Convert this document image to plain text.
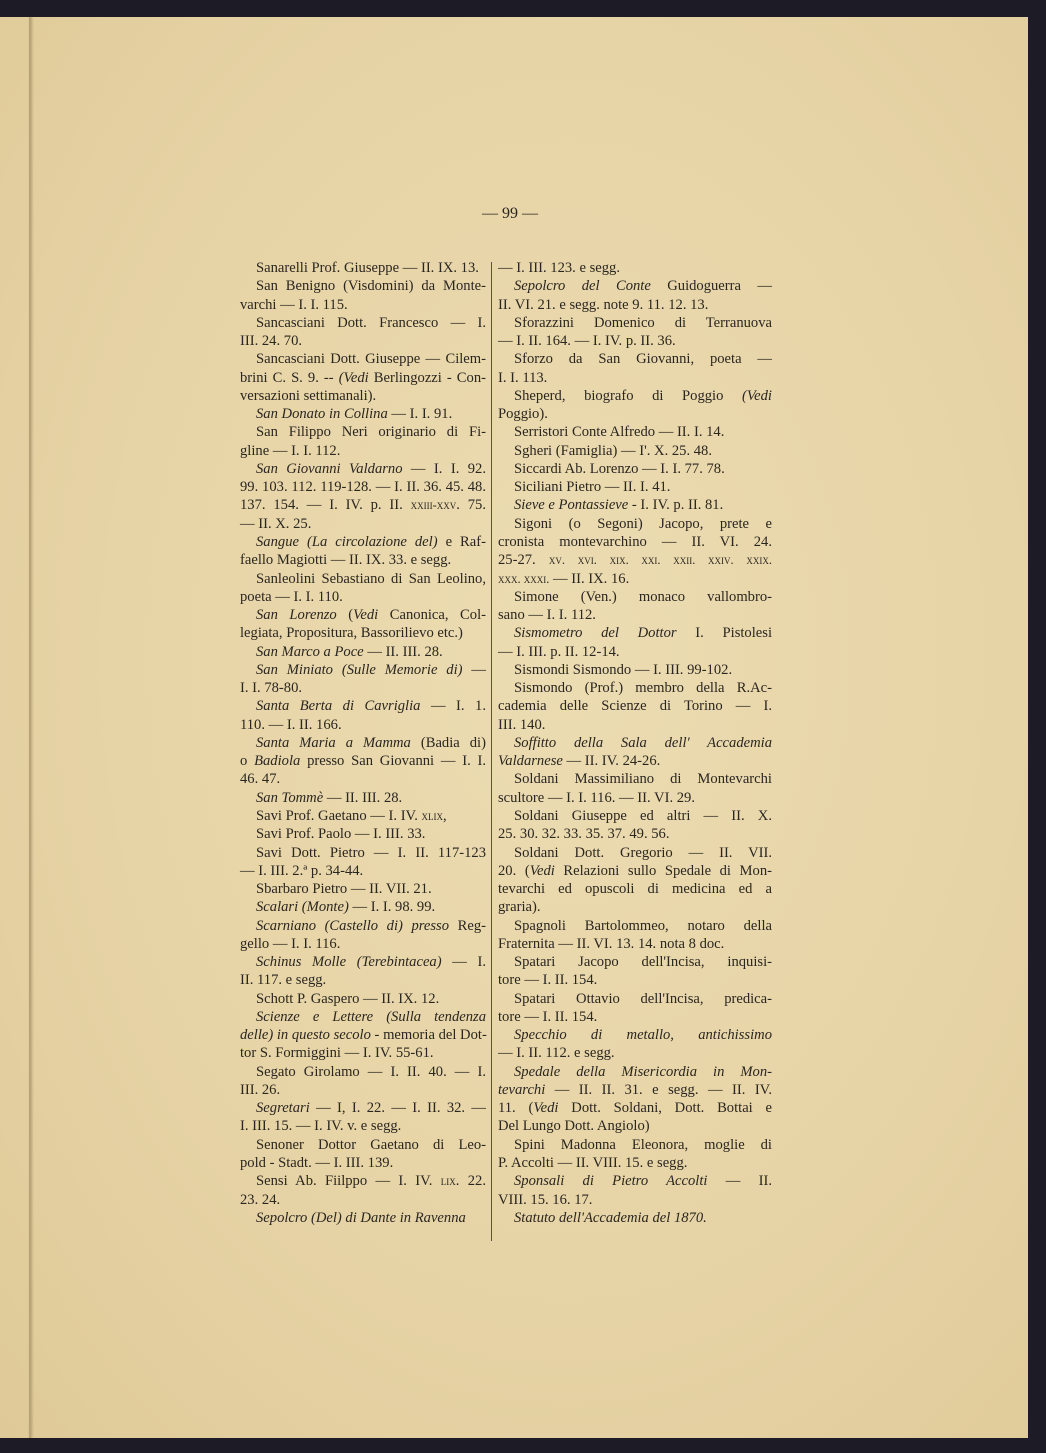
— 99 —
Sanarelli Prof. Giuseppe — II. IX. 13.
San Benigno (Visdomini) da Monte-
varchi — I. I. 115.
Sancasciani Dott. Francesco — I.
III. 24. 70.
Sancasciani Dott. Giuseppe — Cilem-
brini C. S. 9. -- (Vedi Berlingozzi - Con-
versazioni settimanali).
San Donato in Collina — I. I. 91.
San Filippo Neri originario di Fi-
gline — I. I. 112.
San Giovanni Valdarno — I. I. 92.
99. 103. 112. 119-128. — I. II. 36. 45. 48.
137. 154. — I. IV. p. II. xxiii-xxv. 75.
— II. X. 25.
Sangue (La circolazione del) e Raf-
faello Magiotti — II. IX. 33. e segg.
Sanleolini Sebastiano di San Leolino,
poeta — I. I. 110.
San Lorenzo (Vedi Canonica, Col-
legiata, Propositura, Bassorilievo etc.)
San Marco a Poce — II. III. 28.
San Miniato (Sulle Memorie di) —
I. I. 78-80.
Santa Berta di Cavriglia — I. 1.
110. — I. II. 166.
Santa Maria a Mamma (Badia di)
o Badiola presso San Giovanni — I. I.
46. 47.
San Tommè — II. III. 28.
Savi Prof. Gaetano — I. IV. xlix,
Savi Prof. Paolo — I. III. 33.
Savi Dott. Pietro — I. II. 117-123
— I. III. 2.ª p. 34-44.
Sbarbaro Pietro — II. VII. 21.
Scalari (Monte) — I. I. 98. 99.
Scarniano (Castello di) presso Reg-
gello — I. I. 116.
Schinus Molle (Terebintacea) — I.
II. 117. e segg.
Schott P. Gaspero — II. IX. 12.
Scienze e Lettere (Sulla tendenza
delle) in questo secolo - memoria del Dot-
tor S. Formiggini — I. IV. 55-61.
Segato Girolamo — I. II. 40. — I.
III. 26.
Segretari — I, I. 22. — I. II. 32. —
I. III. 15. — I. IV. v. e segg.
Senoner Dottor Gaetano di Leo-
pold - Stadt. — I. III. 139.
Sensi Ab. Fiilppo — I. IV. lix. 22.
23. 24.
Sepolcro (Del) di Dante in Ravenna
— I. III. 123. e segg.
Sepolcro del Conte Guidoguerra —
II. VI. 21. e segg. note 9. 11. 12. 13.
Sforazzini Domenico di Terranuova
— I. II. 164. — I. IV. p. II. 36.
Sforzo da San Giovanni, poeta —
I. I. 113.
Sheperd, biografo di Poggio (Vedi
Poggio).
Serristori Conte Alfredo — II. I. 14.
Sgheri (Famiglia) — I'. X. 25. 48.
Siccardi Ab. Lorenzo — I. I. 77. 78.
Siciliani Pietro — II. I. 41.
Sieve e Pontassieve - I. IV. p. II. 81.
Sigoni (o Segoni) Jacopo, prete e
cronista montevarchino — II. VI. 24.
25-27. xv. xvi. xix. xxi. xxii. xxiv. xxix.
xxx. xxxi. — II. IX. 16.
Simone (Ven.) monaco vallombro-
sano — I. I. 112.
Sismometro del Dottor I. Pistolesi
— I. III. p. II. 12-14.
Sismondi Sismondo — I. III. 99-102.
Sismondo (Prof.) membro della R.Ac-
cademia delle Scienze di Torino — I.
III. 140.
Soffitto della Sala dell' Accademia
Valdarnese — II. IV. 24-26.
Soldani Massimiliano di Montevarchi
scultore — I. I. 116. — II. VI. 29.
Soldani Giuseppe ed altri — II. X.
25. 30. 32. 33. 35. 37. 49. 56.
Soldani Dott. Gregorio — II. VII.
20. (Vedi Relazioni sullo Spedale di Mon-
tevarchi ed opuscoli di medicina ed a
graria).
Spagnoli Bartolommeo, notaro della
Fraternita — II. VI. 13. 14. nota 8 doc.
Spatari Jacopo dell'Incisa, inquisi-
tore — I. II. 154.
Spatari Ottavio dell'Incisa, predica-
tore — I. II. 154.
Specchio di metallo, antichissimo
— I. II. 112. e segg.
Spedale della Misericordia in Mon-
tevarchi — II. II. 31. e segg. — II. IV.
11. (Vedi Dott. Soldani, Dott. Bottai e
Del Lungo Dott. Angiolo)
Spini Madonna Eleonora, moglie di
P. Accolti — II. VIII. 15. e segg.
Sponsali di Pietro Accolti — II.
VIII. 15. 16. 17.
Statuto dell'Accademia del 1870.
